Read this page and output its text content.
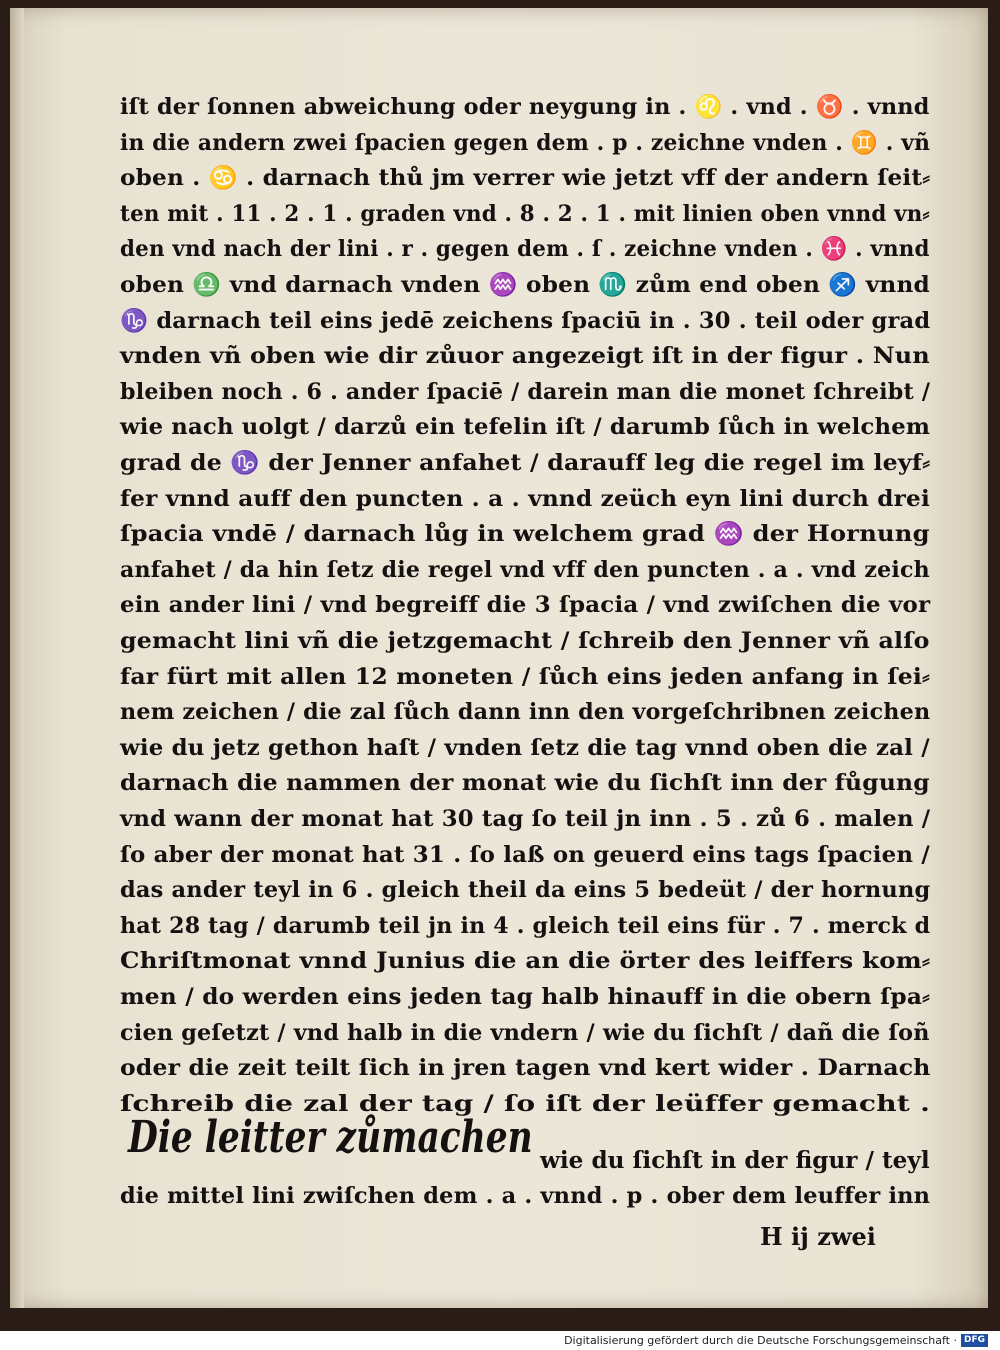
iſt der ſonnen abweichung oder neygung in . ♌ . vnd . ♉ . vnnd
in die andern zwei ſpacien gegen dem . p . zeichne vnden . ♊ . vñ
oben . ♋ . darnach thů jm verrer wie jetzt vff der andern ſeit⸗
ten mit . 11 . 2 . 1 . graden vnd . 8 . 2 . 1 . mit linien oben vnnd vn⸗
den vnd nach der lini . r . gegen dem . ſ . zeichne vnden . ♓ . vnnd
oben ♎ vnd darnach vnden ♒ oben ♏ zům end oben ♐ vnnd
♑ darnach teil eins jedē zeichens ſpaciū in . 30 . teil oder grad
vnden vñ oben wie dir zůuor angezeigt iſt in der figur . Nun
bleiben noch . 6 . ander ſpaciē / darein man die monet ſchreibt /
wie nach uolgt / darzů ein tefelin iſt / darumb ſůch in welchem
grad de ♑ der Jenner anfahet / darauff leg die regel im leyf⸗
fer vnnd auff den puncten . a . vnnd zeüch eyn lini durch drei
ſpacia vndē / darnach lůg in welchem grad ♒ der Hornung
anfahet / da hin ſetz die regel vnd vff den puncten . a . vnd zeich
ein ander lini / vnd begreiff die 3 ſpacia / vnd zwiſchen die vor
gemacht lini vñ die jetzgemacht / ſchreib den Jenner vñ alſo
far fürt mit allen 12 moneten / ſůch eins jeden anfang in ſei⸗
nem zeichen / die zal ſůch dann inn den vorgeſchribnen zeichen
wie du jetz gethon haſt / vnden ſetz die tag vnnd oben die zal /
darnach die nammen der monat wie du ſichſt inn der fůgung
vnd wann der monat hat 30 tag ſo teil jn inn . 5 . zů 6 . malen /
ſo aber der monat hat 31 . ſo laß on geuerd eins tags ſpacien /
das ander teyl in 6 . gleich theil da eins 5 bedeüt / der hornung
hat 28 tag / darumb teil jn in 4 . gleich teil eins für . 7 . merck d
Chriſtmonat vnnd Junius die an die örter des leiffers kom⸗
men / do werden eins jeden tag halb hinauff in die obern ſpa⸗
cien geſetzt / vnd halb in die vndern / wie du ſichſt / dañ die ſoñ
oder die zeit teilt ſich in jren tagen vnd kert wider . Darnach
ſchreib die zal der tag / ſo iſt der leüffer gemacht .
Die leitter zůmachen wie du ſichſt in der figur / teyl
die mittel lini zwiſchen dem . a . vnnd . p . ober dem leuffer inn
H ij zwei
Digitalisierung gefördert durch die Deutsche Forschungsgemeinschaft · DFG
